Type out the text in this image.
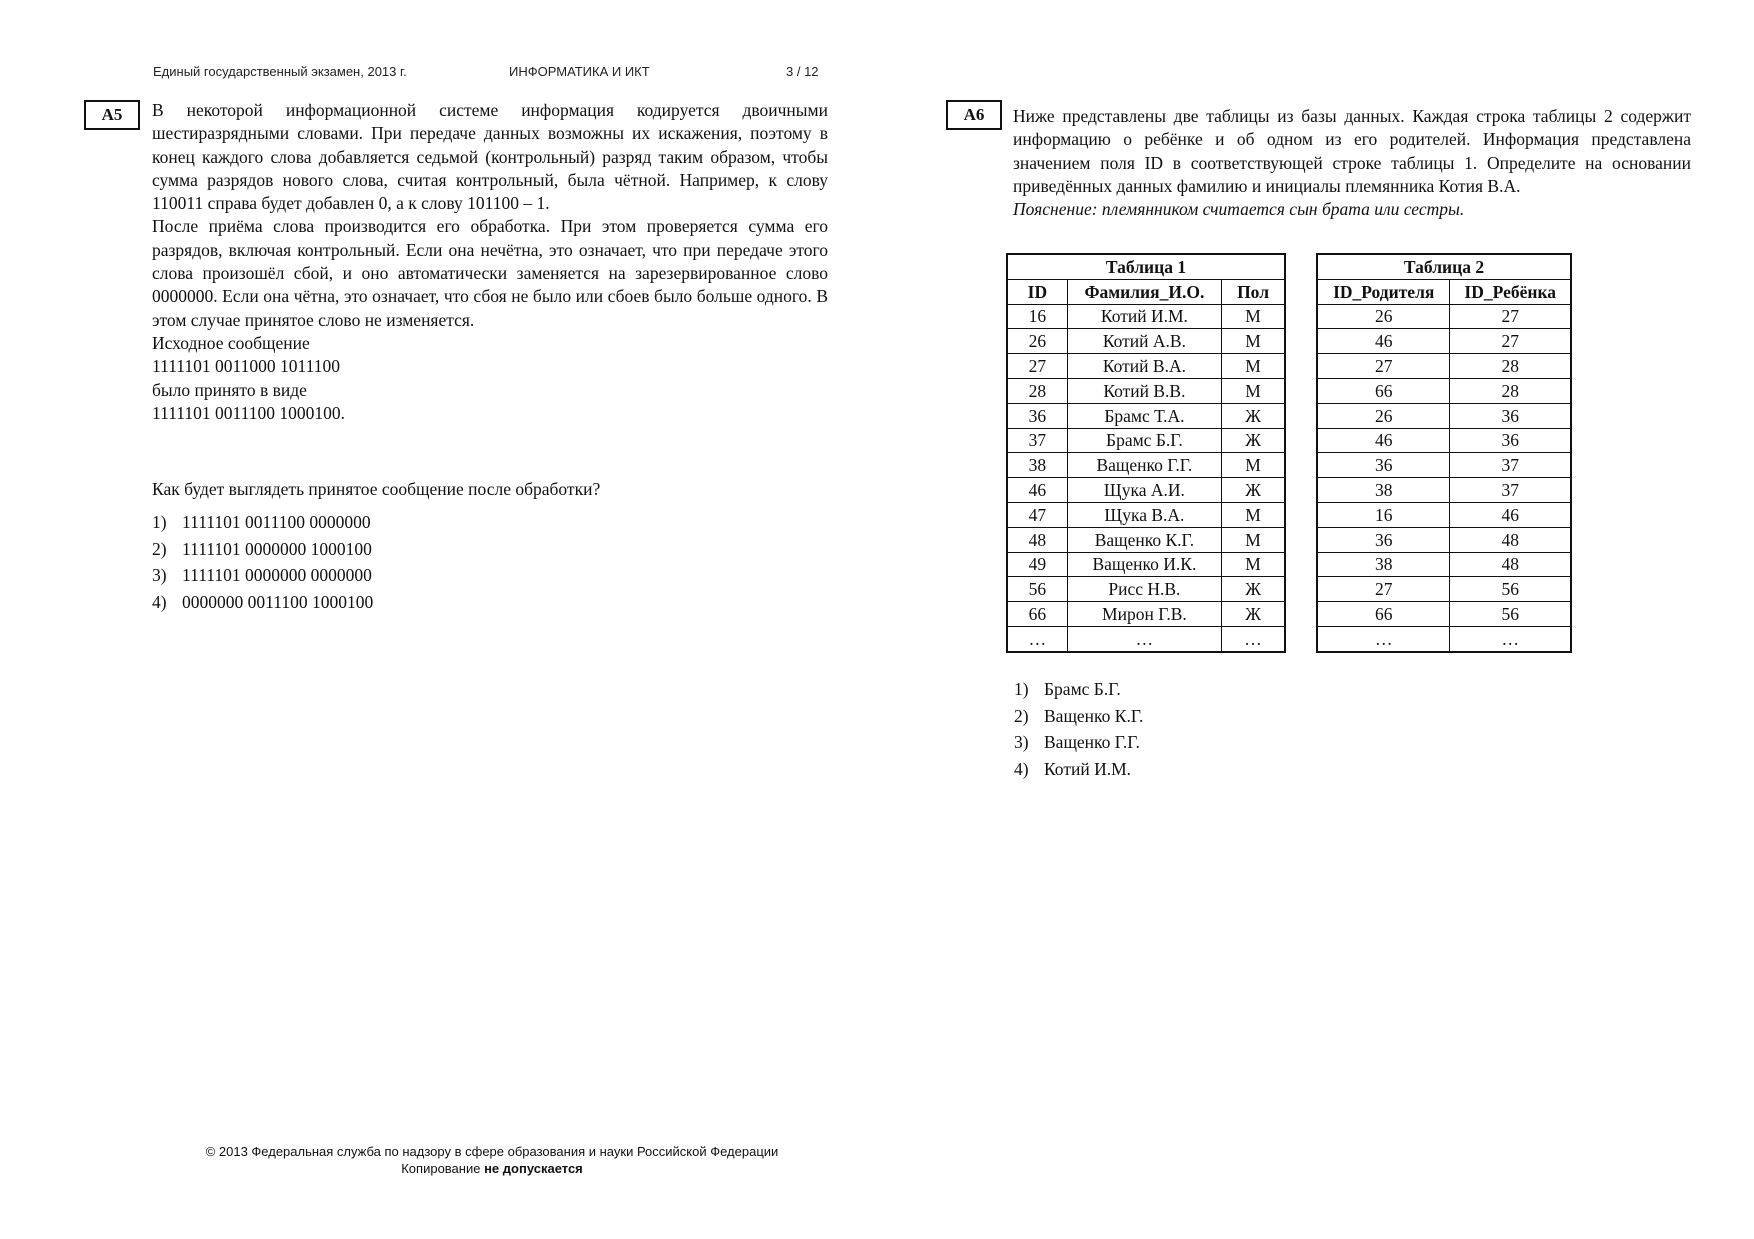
Единый государственный экзамен, 2013 г.	ИНФОРМАТИКА И ИКТ	3 / 12
A5	В некоторой информационной системе информация кодируется двоичными шестиразрядными словами. При передаче данных возможны их искажения, поэтому в конец каждого слова добавляется седьмой (контрольный) разряд таким образом, чтобы сумма разрядов нового слова, считая контрольный, была чётной. Например, к слову 110011 справа будет добавлен 0, а к слову 101100 – 1.

После приёма слова производится его обработка. При этом проверяется сумма его разрядов, включая контрольный. Если она нечётна, это означает, что при передаче этого слова произошёл сбой, и оно автоматически заменяется на зарезервированное слово 0000000. Если она чётна, это означает, что сбоя не было или сбоев было больше одного. В этом случае принятое слово не изменяется.

Исходное сообщение

1111101 0011000 1011100

было принято в виде

1111101 0011100 1000100.

Как будет выглядеть принятое сообщение после обработки?
1) 1111101 0011100 0000000
2) 1111101 0000000 1000100
3) 1111101 0000000 0000000
4) 0000000 0011100 1000100
A6	Ниже представлены две таблицы из базы данных. Каждая строка таблицы 2 содержит информацию о ребёнке и об одном из его родителей. Информация представлена значением поля ID в соответствующей строке таблицы 1. Определите на основании приведённых данных фамилию и инициалы племянника Котия В.А.

Пояснение: племянником считается сын брата или сестры.

Таблица 1		
ID	Фамилия_И.О.	Пол
16	Котий И.М.	М
26	Котий А.В.	М
27	Котий В.А.	М
28	Котий В.В.	М
36	Брамс Т.А.	Ж
37	Брамс Б.Г.	Ж
38	Ващенко Г.Г.	М
46	Щука А.И.	Ж
47	Щука В.А.	М
48	Ващенко К.Г.	М
49	Ващенко И.К.	М
56	Рисс Н.В.	Ж
66	Мирон Г.В.	Ж
…	…	…
Таблица 2	
ID_Родителя	ID_Ребёнка
26	27
46	27
27	28
66	28
26	36
46	36
36	37
38	37
16	46
36	48
38	48
27	56
66	56
…	…
1) Брамс Б.Г.
2) Ващенко К.Г.
3) Ващенко Г.Г.
4) Котий И.М.
© 2013 Федеральная служба по надзору в сфере образования и науки Российской Федерации
Копирование не допускается
